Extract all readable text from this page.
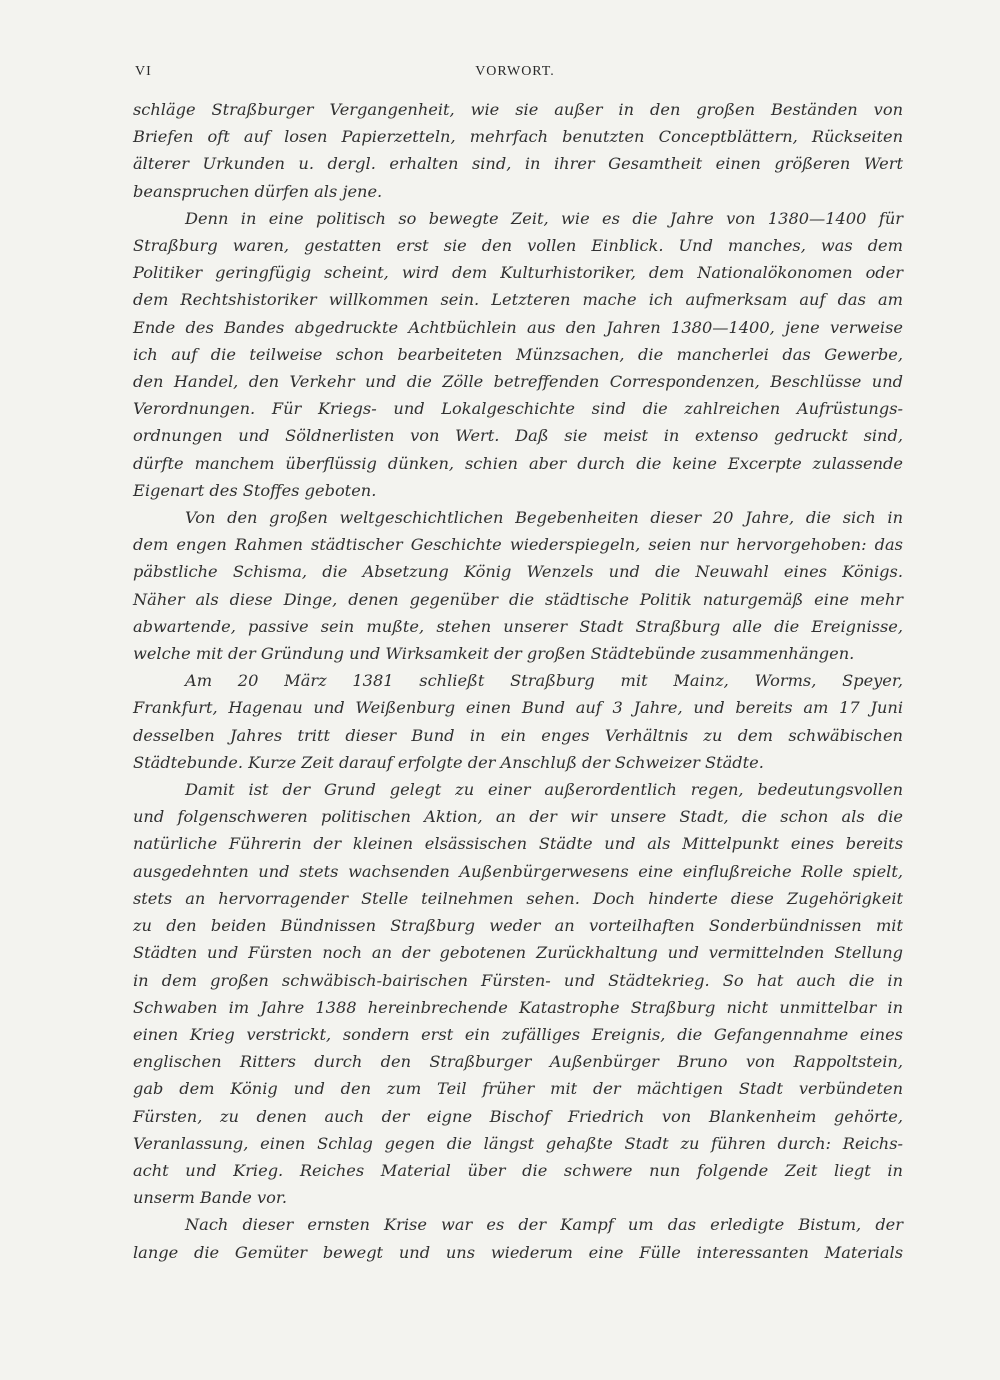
VI	VORWORT.
schläge Straßburger Vergangenheit, wie sie außer in den großen Beständen von
Briefen oft auf losen Papierzetteln, mehrfach benutzten Conceptblättern, Rückseiten
älterer Urkunden u. dergl. erhalten sind, in ihrer Gesamtheit einen größeren Wert
beanspruchen dürfen als jene.
Denn in eine politisch so bewegte Zeit, wie es die Jahre von 1380—1400 für
Straßburg waren, gestatten erst sie den vollen Einblick. Und manches, was dem
Politiker geringfügig scheint, wird dem Kulturhistoriker, dem Nationalökonomen oder
dem Rechtshistoriker willkommen sein. Letzteren mache ich aufmerksam auf das am
Ende des Bandes abgedruckte Achtbüchlein aus den Jahren 1380—1400, jene verweise
ich auf die teilweise schon bearbeiteten Münzsachen, die mancherlei das Gewerbe,
den Handel, den Verkehr und die Zölle betreffenden Correspondenzen, Beschlüsse und
Verordnungen. Für Kriegs- und Lokalgeschichte sind die zahlreichen Aufrüstungs-
ordnungen und Söldnerlisten von Wert. Daß sie meist in extenso gedruckt sind,
dürfte manchem überflüssig dünken, schien aber durch die keine Excerpte zulassende
Eigenart des Stoffes geboten.
Von den großen weltgeschichtlichen Begebenheiten dieser 20 Jahre, die sich in
dem engen Rahmen städtischer Geschichte wiederspiegeln, seien nur hervorgehoben: das
päbstliche Schisma, die Absetzung König Wenzels und die Neuwahl eines Königs.
Näher als diese Dinge, denen gegenüber die städtische Politik naturgemäß eine mehr
abwartende, passive sein mußte, stehen unserer Stadt Straßburg alle die Ereignisse,
welche mit der Gründung und Wirksamkeit der großen Städtebünde zusammenhängen.
Am 20 März 1381 schließt Straßburg mit Mainz, Worms, Speyer,
Frankfurt, Hagenau und Weißenburg einen Bund auf 3 Jahre, und bereits am 17 Juni
desselben Jahres tritt dieser Bund in ein enges Verhältnis zu dem schwäbischen
Städtebunde. Kurze Zeit darauf erfolgte der Anschluß der Schweizer Städte.
Damit ist der Grund gelegt zu einer außerordentlich regen, bedeutungsvollen
und folgenschweren politischen Aktion, an der wir unsere Stadt, die schon als die
natürliche Führerin der kleinen elsässischen Städte und als Mittelpunkt eines bereits
ausgedehnten und stets wachsenden Außenbürgerwesens eine einflußreiche Rolle spielt,
stets an hervorragender Stelle teilnehmen sehen. Doch hinderte diese Zugehörigkeit
zu den beiden Bündnissen Straßburg weder an vorteilhaften Sonderbündnissen mit
Städten und Fürsten noch an der gebotenen Zurückhaltung und vermittelnden Stellung
in dem großen schwäbisch-bairischen Fürsten- und Städtekrieg. So hat auch die in
Schwaben im Jahre 1388 hereinbrechende Katastrophe Straßburg nicht unmittelbar in
einen Krieg verstrickt, sondern erst ein zufälliges Ereignis, die Gefangennahme eines
englischen Ritters durch den Straßburger Außenbürger Bruno von Rappoltstein,
gab dem König und den zum Teil früher mit der mächtigen Stadt verbündeten
Fürsten, zu denen auch der eigne Bischof Friedrich von Blankenheim gehörte,
Veranlassung, einen Schlag gegen die längst gehaßte Stadt zu führen durch: Reichs-
acht und Krieg. Reiches Material über die schwere nun folgende Zeit liegt in
unserm Bande vor.
Nach dieser ernsten Krise war es der Kampf um das erledigte Bistum, der
lange die Gemüter bewegt und uns wiederum eine Fülle interessanten Materials
